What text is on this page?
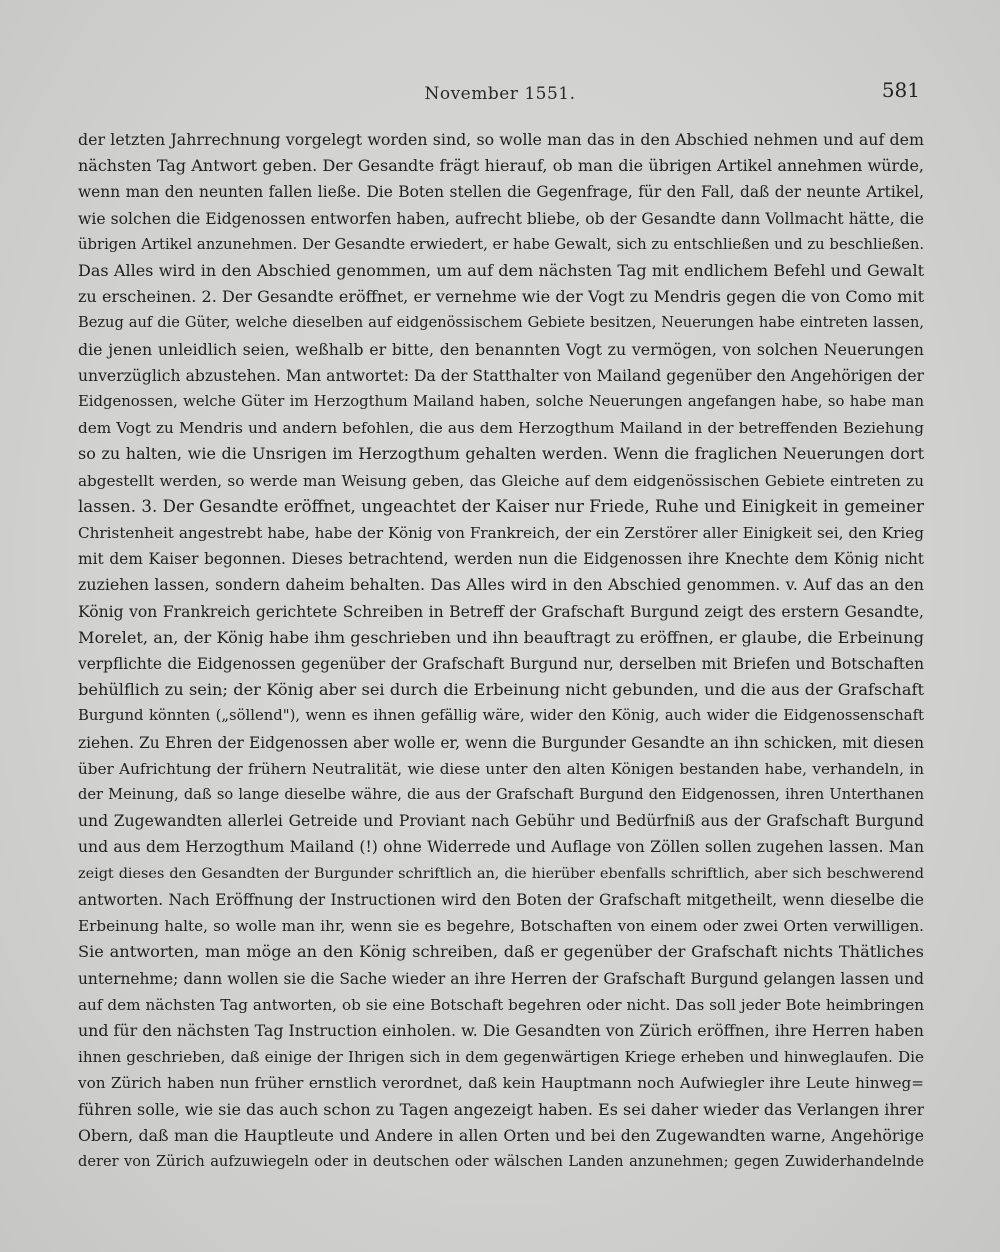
November 1551.	581
der letzten Jahrrechnung vorgelegt worden sind, so wolle man das in den Abschied nehmen und auf dem
nächsten Tag Antwort geben. Der Gesandte frägt hierauf, ob man die übrigen Artikel annehmen würde,
wenn man den neunten fallen ließe. Die Boten stellen die Gegenfrage, für den Fall, daß der neunte Artikel,
wie solchen die Eidgenossen entworfen haben, aufrecht bliebe, ob der Gesandte dann Vollmacht hätte, die
übrigen Artikel anzunehmen. Der Gesandte erwiedert, er habe Gewalt, sich zu entschließen und zu beschließen.
Das Alles wird in den Abschied genommen, um auf dem nächsten Tag mit endlichem Befehl und Gewalt
zu erscheinen. 2. Der Gesandte eröffnet, er vernehme wie der Vogt zu Mendris gegen die von Como mit
Bezug auf die Güter, welche dieselben auf eidgenössischem Gebiete besitzen, Neuerungen habe eintreten lassen,
die jenen unleidlich seien, weßhalb er bitte, den benannten Vogt zu vermögen, von solchen Neuerungen
unverzüglich abzustehen. Man antwortet: Da der Statthalter von Mailand gegenüber den Angehörigen der
Eidgenossen, welche Güter im Herzogthum Mailand haben, solche Neuerungen angefangen habe, so habe man
dem Vogt zu Mendris und andern befohlen, die aus dem Herzogthum Mailand in der betreffenden Beziehung
so zu halten, wie die Unsrigen im Herzogthum gehalten werden. Wenn die fraglichen Neuerungen dort
abgestellt werden, so werde man Weisung geben, das Gleiche auf dem eidgenössischen Gebiete eintreten zu
lassen. 3. Der Gesandte eröffnet, ungeachtet der Kaiser nur Friede, Ruhe und Einigkeit in gemeiner
Christenheit angestrebt habe, habe der König von Frankreich, der ein Zerstörer aller Einigkeit sei, den Krieg
mit dem Kaiser begonnen. Dieses betrachtend, werden nun die Eidgenossen ihre Knechte dem König nicht
zuziehen lassen, sondern daheim behalten. Das Alles wird in den Abschied genommen. v. Auf das an den
König von Frankreich gerichtete Schreiben in Betreff der Grafschaft Burgund zeigt des erstern Gesandte,
Morelet, an, der König habe ihm geschrieben und ihn beauftragt zu eröffnen, er glaube, die Erbeinung
verpflichte die Eidgenossen gegenüber der Grafschaft Burgund nur, derselben mit Briefen und Botschaften
behülflich zu sein; der König aber sei durch die Erbeinung nicht gebunden, und die aus der Grafschaft
Burgund könnten („söllend"), wenn es ihnen gefällig wäre, wider den König, auch wider die Eidgenossenschaft
ziehen. Zu Ehren der Eidgenossen aber wolle er, wenn die Burgunder Gesandte an ihn schicken, mit diesen
über Aufrichtung der frühern Neutralität, wie diese unter den alten Königen bestanden habe, verhandeln, in
der Meinung, daß so lange dieselbe währe, die aus der Grafschaft Burgund den Eidgenossen, ihren Unterthanen
und Zugewandten allerlei Getreide und Proviant nach Gebühr und Bedürfniß aus der Grafschaft Burgund
und aus dem Herzogthum Mailand (!) ohne Widerrede und Auflage von Zöllen sollen zugehen lassen. Man
zeigt dieses den Gesandten der Burgunder schriftlich an, die hierüber ebenfalls schriftlich, aber sich beschwerend
antworten. Nach Eröffnung der Instructionen wird den Boten der Grafschaft mitgetheilt, wenn dieselbe die
Erbeinung halte, so wolle man ihr, wenn sie es begehre, Botschaften von einem oder zwei Orten verwilligen.
Sie antworten, man möge an den König schreiben, daß er gegenüber der Grafschaft nichts Thätliches
unternehme; dann wollen sie die Sache wieder an ihre Herren der Grafschaft Burgund gelangen lassen und
auf dem nächsten Tag antworten, ob sie eine Botschaft begehren oder nicht. Das soll jeder Bote heimbringen
und für den nächsten Tag Instruction einholen. w. Die Gesandten von Zürich eröffnen, ihre Herren haben
ihnen geschrieben, daß einige der Ihrigen sich in dem gegenwärtigen Kriege erheben und hinweglaufen. Die
von Zürich haben nun früher ernstlich verordnet, daß kein Hauptmann noch Aufwiegler ihre Leute hinweg=
führen solle, wie sie das auch schon zu Tagen angezeigt haben. Es sei daher wieder das Verlangen ihrer
Obern, daß man die Hauptleute und Andere in allen Orten und bei den Zugewandten warne, Angehörige
derer von Zürich aufzuwiegeln oder in deutschen oder wälschen Landen anzunehmen; gegen Zuwiderhandelnde
